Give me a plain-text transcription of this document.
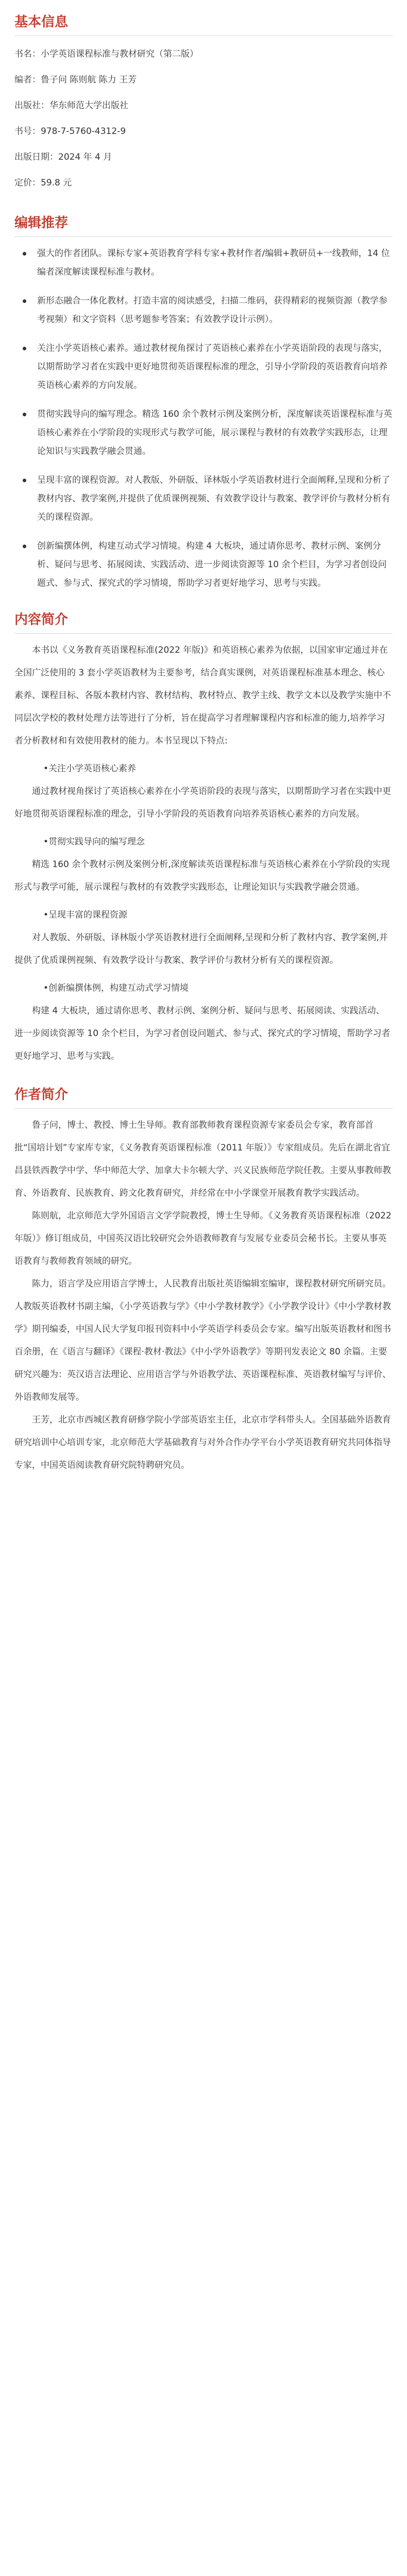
基本信息

书名：小学英语课程标准与教材研究（第二版）

编者：鲁子问 陈则航 陈力 王芳

出版社：华东师范大学出版社

书号：978-7-5760-4312-9

出版日期：2024 年 4 月

定价：59.8 元

编辑推荐
强大的作者团队。课标专家+英语教育学科专家+教材作者/编辑+教研员+一线教师，14 位编者深度解读课程标准与教材。
新形态融合一体化教材。打造丰富的阅读感受，扫描二维码，获得精彩的视频资源（教学参考视频）和文字资料（思考题参考答案；有效教学设计示例）。
关注小学英语核心素养。通过教材视角探讨了英语核心素养在小学英语阶段的表现与落实，以期帮助学习者在实践中更好地贯彻英语课程标准的理念，引导小学阶段的英语教育向培养英语核心素养的方向发展。
贯彻实践导向的编写理念。精选 160 余个教材示例及案例分析，深度解读英语课程标准与英语核心素养在小学阶段的实现形式与教学可能，展示课程与教材的有效教学实践形态，让理论知识与实践教学融会贯通。
呈现丰富的课程资源。对人教版、外研版、译林版小学英语教材进行全面阐释,呈现和分析了教材内容、教学案例,并提供了优质课例视频、有效教学设计与教案、教学评价与教材分析有关的课程资源。
创新编撰体例，构建互动式学习情境。构建 4 大板块，通过请你思考、教材示例、案例分析、疑问与思考、拓展阅读、实践活动、进一步阅读资源等 10 余个栏目，为学习者创设问题式、参与式、探究式的学习情境，帮助学习者更好地学习、思考与实践。
内容简介

本书以《义务教育英语课程标准(2022 年版)》和英语核心素养为依据，以国家审定通过并在全国广泛使用的 3 套小学英语教材为主要参考，结合真实课例，对英语课程标准基本理念、核心素养、课程目标、各版本教材内容、教材结构、教材特点、教学主线、教学文本以及教学实施中不同层次学校的教材处理方法等进行了分析，旨在提高学习者理解课程内容和标准的能力,培养学习者分析教材和有效使用教材的能力。本书呈现以下特点:

•关注小学英语核心素养

通过教材视角探讨了英语核心素养在小学英语阶段的表现与落实，以期帮助学习者在实践中更好地贯彻英语课程标准的理念，引导小学阶段的英语教育向培养英语核心素养的方向发展。

•贯彻实践导向的编写理念

精选 160 余个教材示例及案例分析,深度解读英语课程标准与英语核心素养在小学阶段的实现形式与教学可能，展示课程与教材的有效教学实践形态，让理论知识与实践教学融会贯通。

•呈现丰富的课程资源

对人教版、外研版、译林版小学英语教材进行全面阐释,呈现和分析了教材内容、教学案例,并提供了优质课例视频、有效教学设计与教案、教学评价与教材分析有关的课程资源。

•创新编撰体例，构建互动式学习情境

构建 4 大板块，通过请你思考、教材示例、案例分析、疑问与思考、拓展阅读、实践活动、进一步阅读资源等 10 余个栏目，为学习者创设问题式、参与式、探究式的学习情境，帮助学习者更好地学习、思考与实践。

作者简介

鲁子问，博士、教授、博士生导师。教育部教师教育课程资源专家委员会专家，教育部首批“国培计划”专家库专家，《义务教育英语课程标准（2011 年版）》专家组成员。先后在湖北省宜昌县铁西教学中学、华中师范大学、加拿大卡尔顿大学、兴义民族师范学院任教。主要从事教师教育、外语教育、民族教育、跨文化教育研究，并经常在中小学课堂开展教育教学实践活动。

陈则航，北京师范大学外国语言文学学院教授，博士生导师。《义务教育英语课程标准（2022 年版）》修订组成员，中国英汉语比较研究会外语教师教育与发展专业委员会秘书长。主要从事英语教育与教师教育领域的研究。

陈力，语言学及应用语言学博士，人民教育出版社英语编辑室编审，课程教材研究所研究员。人教版英语教材书副主编，《小学英语教与学》《中小学教材教学》《小学教学设计》《中小学教材教学》期刊编委，中国人民大学复印报刊资料中小学英语学科委员会专家。编写出版英语教材和图书百余册，在《语言与翻译》《课程·教材·教法》《中小学外语教学》等期刊发表论文 80 余篇。主要研究兴趣为：英汉语言法理论、应用语言学与外语教学法、英语课程标准、英语教材编写与评价、外语教师发展等。

王芳，北京市西城区教育研修学院小学部英语室主任，北京市学科带头人。全国基础外语教育研究培训中心培训专家，北京师范大学基础教育与对外合作办学平台小学英语教育研究共同体指导专家，中国英语阅读教育研究院特聘研究员。
